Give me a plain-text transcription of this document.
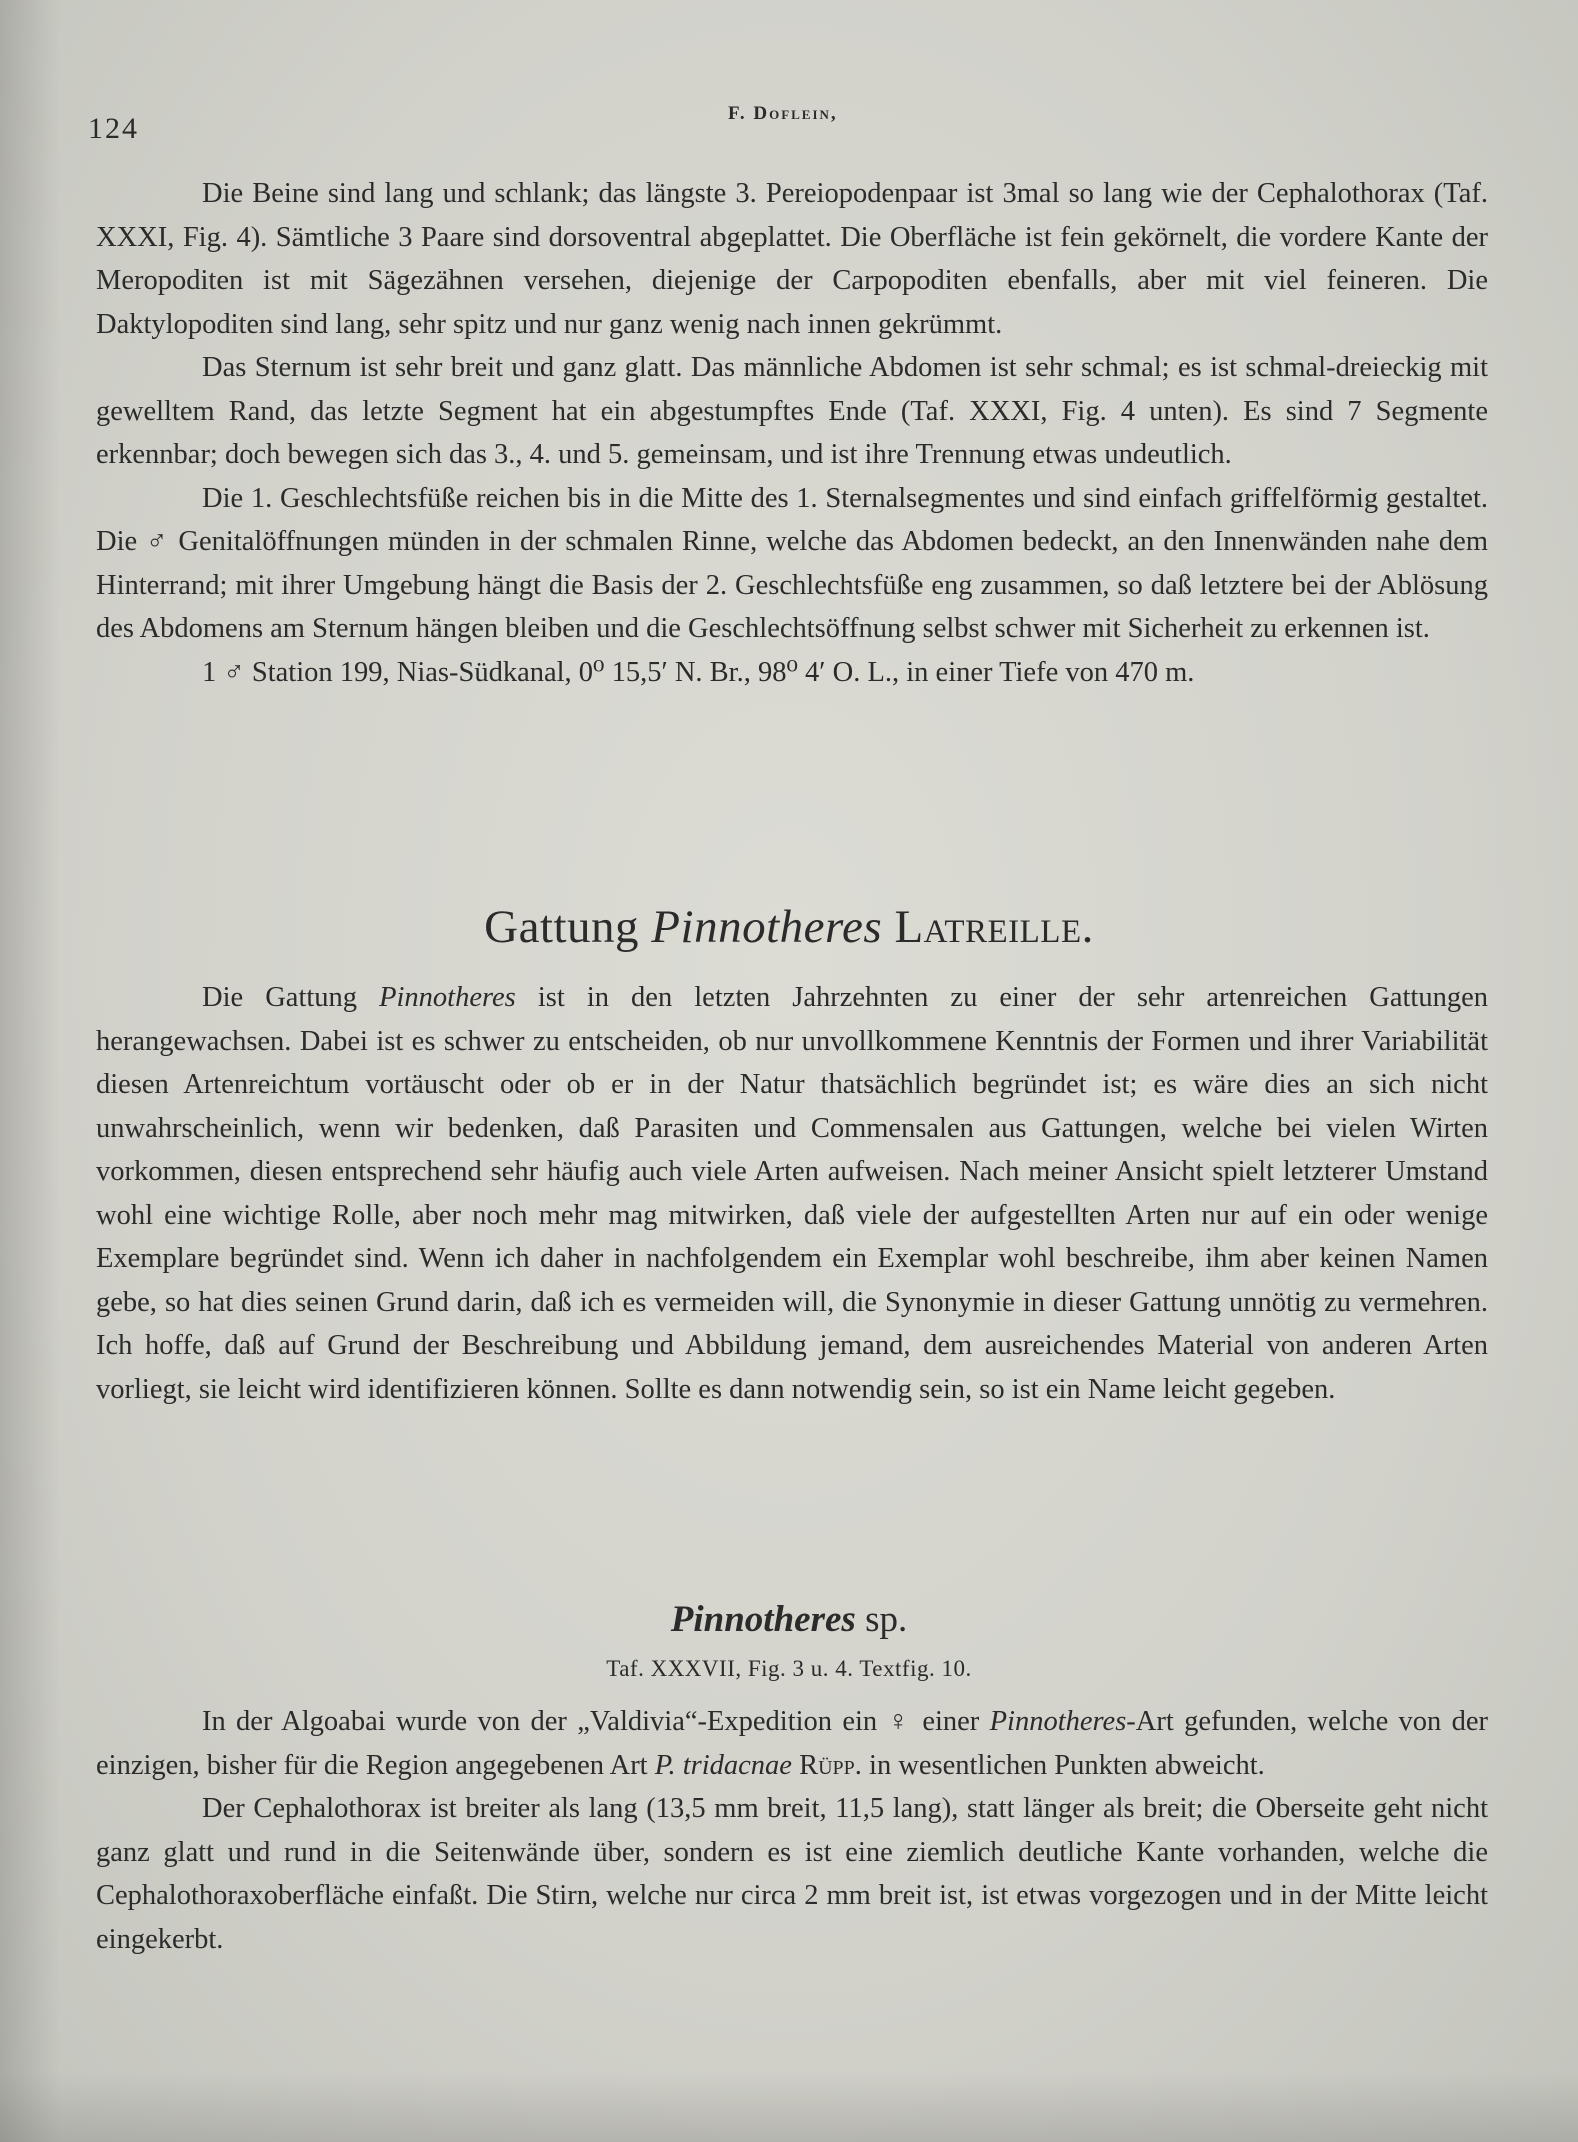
124	F. Doflein,

Die Beine sind lang und schlank; das längste 3. Pereiopodenpaar ist 3mal so lang wie der Cephalothorax (Taf. XXXI, Fig. 4). Sämtliche 3 Paare sind dorsoventral abgeplattet. Die Oberfläche ist fein gekörnelt, die vordere Kante der Meropoditen ist mit Sägezähnen versehen, diejenige der Carpopoditen ebenfalls, aber mit viel feineren. Die Daktylopoditen sind lang, sehr spitz und nur ganz wenig nach innen gekrümmt.

Das Sternum ist sehr breit und ganz glatt. Das männliche Abdomen ist sehr schmal; es ist schmal-dreieckig mit gewelltem Rand, das letzte Segment hat ein abgestumpftes Ende (Taf. XXXI, Fig. 4 unten). Es sind 7 Segmente erkennbar; doch bewegen sich das 3., 4. und 5. gemeinsam, und ist ihre Trennung etwas undeutlich.

Die 1. Geschlechtsfüße reichen bis in die Mitte des 1. Sternalsegmentes und sind einfach griffelförmig gestaltet. Die ♂ Genitalöffnungen münden in der schmalen Rinne, welche das Abdomen bedeckt, an den Innenwänden nahe dem Hinterrand; mit ihrer Umgebung hängt die Basis der 2. Geschlechtsfüße eng zusammen, so daß letztere bei der Ablösung des Abdomens am Sternum hängen bleiben und die Geschlechtsöffnung selbst schwer mit Sicherheit zu erkennen ist.

1 ♂ Station 199, Nias-Südkanal, 0⁰ 15,5′ N. Br., 98⁰ 4′ O. L., in einer Tiefe von 470 m.

Gattung Pinnotheres Latreille.

Die Gattung Pinnotheres ist in den letzten Jahrzehnten zu einer der sehr artenreichen Gattungen herangewachsen. Dabei ist es schwer zu entscheiden, ob nur unvollkommene Kenntnis der Formen und ihrer Variabilität diesen Artenreichtum vortäuscht oder ob er in der Natur thatsächlich begründet ist; es wäre dies an sich nicht unwahrscheinlich, wenn wir bedenken, daß Parasiten und Commensalen aus Gattungen, welche bei vielen Wirten vorkommen, diesen entsprechend sehr häufig auch viele Arten aufweisen. Nach meiner Ansicht spielt letzterer Umstand wohl eine wichtige Rolle, aber noch mehr mag mitwirken, daß viele der aufgestellten Arten nur auf ein oder wenige Exemplare begründet sind. Wenn ich daher in nachfolgendem ein Exemplar wohl beschreibe, ihm aber keinen Namen gebe, so hat dies seinen Grund darin, daß ich es vermeiden will, die Synonymie in dieser Gattung unnötig zu vermehren. Ich hoffe, daß auf Grund der Beschreibung und Abbildung jemand, dem ausreichendes Material von anderen Arten vorliegt, sie leicht wird identifizieren können. Sollte es dann notwendig sein, so ist ein Name leicht gegeben.

Pinnotheres sp.
Taf. XXXVII, Fig. 3 u. 4. Textfig. 10.

In der Algoabai wurde von der „Valdivia“-Expedition ein ♀ einer Pinnotheres-Art gefunden, welche von der einzigen, bisher für die Region angegebenen Art P. tridacnae Rüpp. in wesentlichen Punkten abweicht.

Der Cephalothorax ist breiter als lang (13,5 mm breit, 11,5 lang), statt länger als breit; die Oberseite geht nicht ganz glatt und rund in die Seitenwände über, sondern es ist eine ziemlich deutliche Kante vorhanden, welche die Cephalothoraxoberfläche einfaßt. Die Stirn, welche nur circa 2 mm breit ist, ist etwas vorgezogen und in der Mitte leicht eingekerbt.
